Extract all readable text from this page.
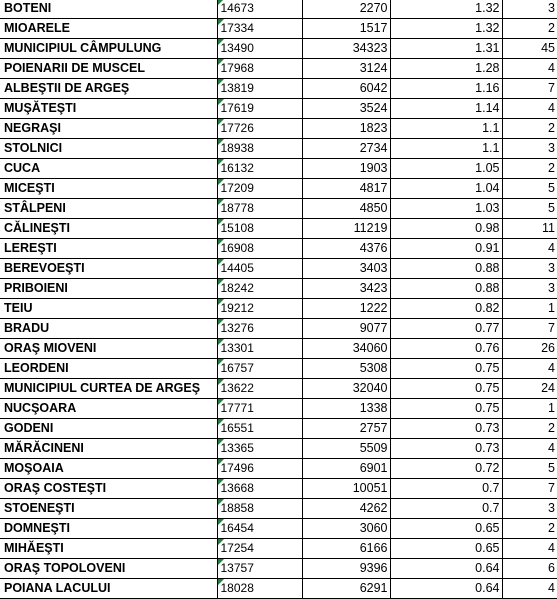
BOTENI	14673	2270	1.32	3
MIOARELE	17334	1517	1.32	2
MUNICIPIUL CÂMPULUNG	13490	34323	1.31	45
POIENARII DE MUSCEL	17968	3124	1.28	4
ALBEŞTII DE ARGEŞ	13819	6042	1.16	7
MUŞĂTEŞTI	17619	3524	1.14	4
NEGRAŞI	17726	1823	1.1	2
STOLNICI	18938	2734	1.1	3
CUCA	16132	1903	1.05	2
MICEŞTI	17209	4817	1.04	5
STÂLPENI	18778	4850	1.03	5
CĂLINEŞTI	15108	11219	0.98	11
LEREŞTI	16908	4376	0.91	4
BEREVOEŞTI	14405	3403	0.88	3
PRIBOIENI	18242	3423	0.88	3
TEIU	19212	1222	0.82	1
BRADU	13276	9077	0.77	7
ORAŞ MIOVENI	13301	34060	0.76	26
LEORDENI	16757	5308	0.75	4
MUNICIPIUL CURTEA DE ARGEŞ	13622	32040	0.75	24
NUCŞOARA	17771	1338	0.75	1
GODENI	16551	2757	0.73	2
MĂRĂCINENI	13365	5509	0.73	4
MOŞOAIA	17496	6901	0.72	5
ORAŞ COSTEŞTI	13668	10051	0.7	7
STOENEŞTI	18858	4262	0.7	3
DOMNEŞTI	16454	3060	0.65	2
MIHĂEŞTI	17254	6166	0.65	4
ORAŞ TOPOLOVENI	13757	9396	0.64	6
POIANA LACULUI	18028	6291	0.64	4
